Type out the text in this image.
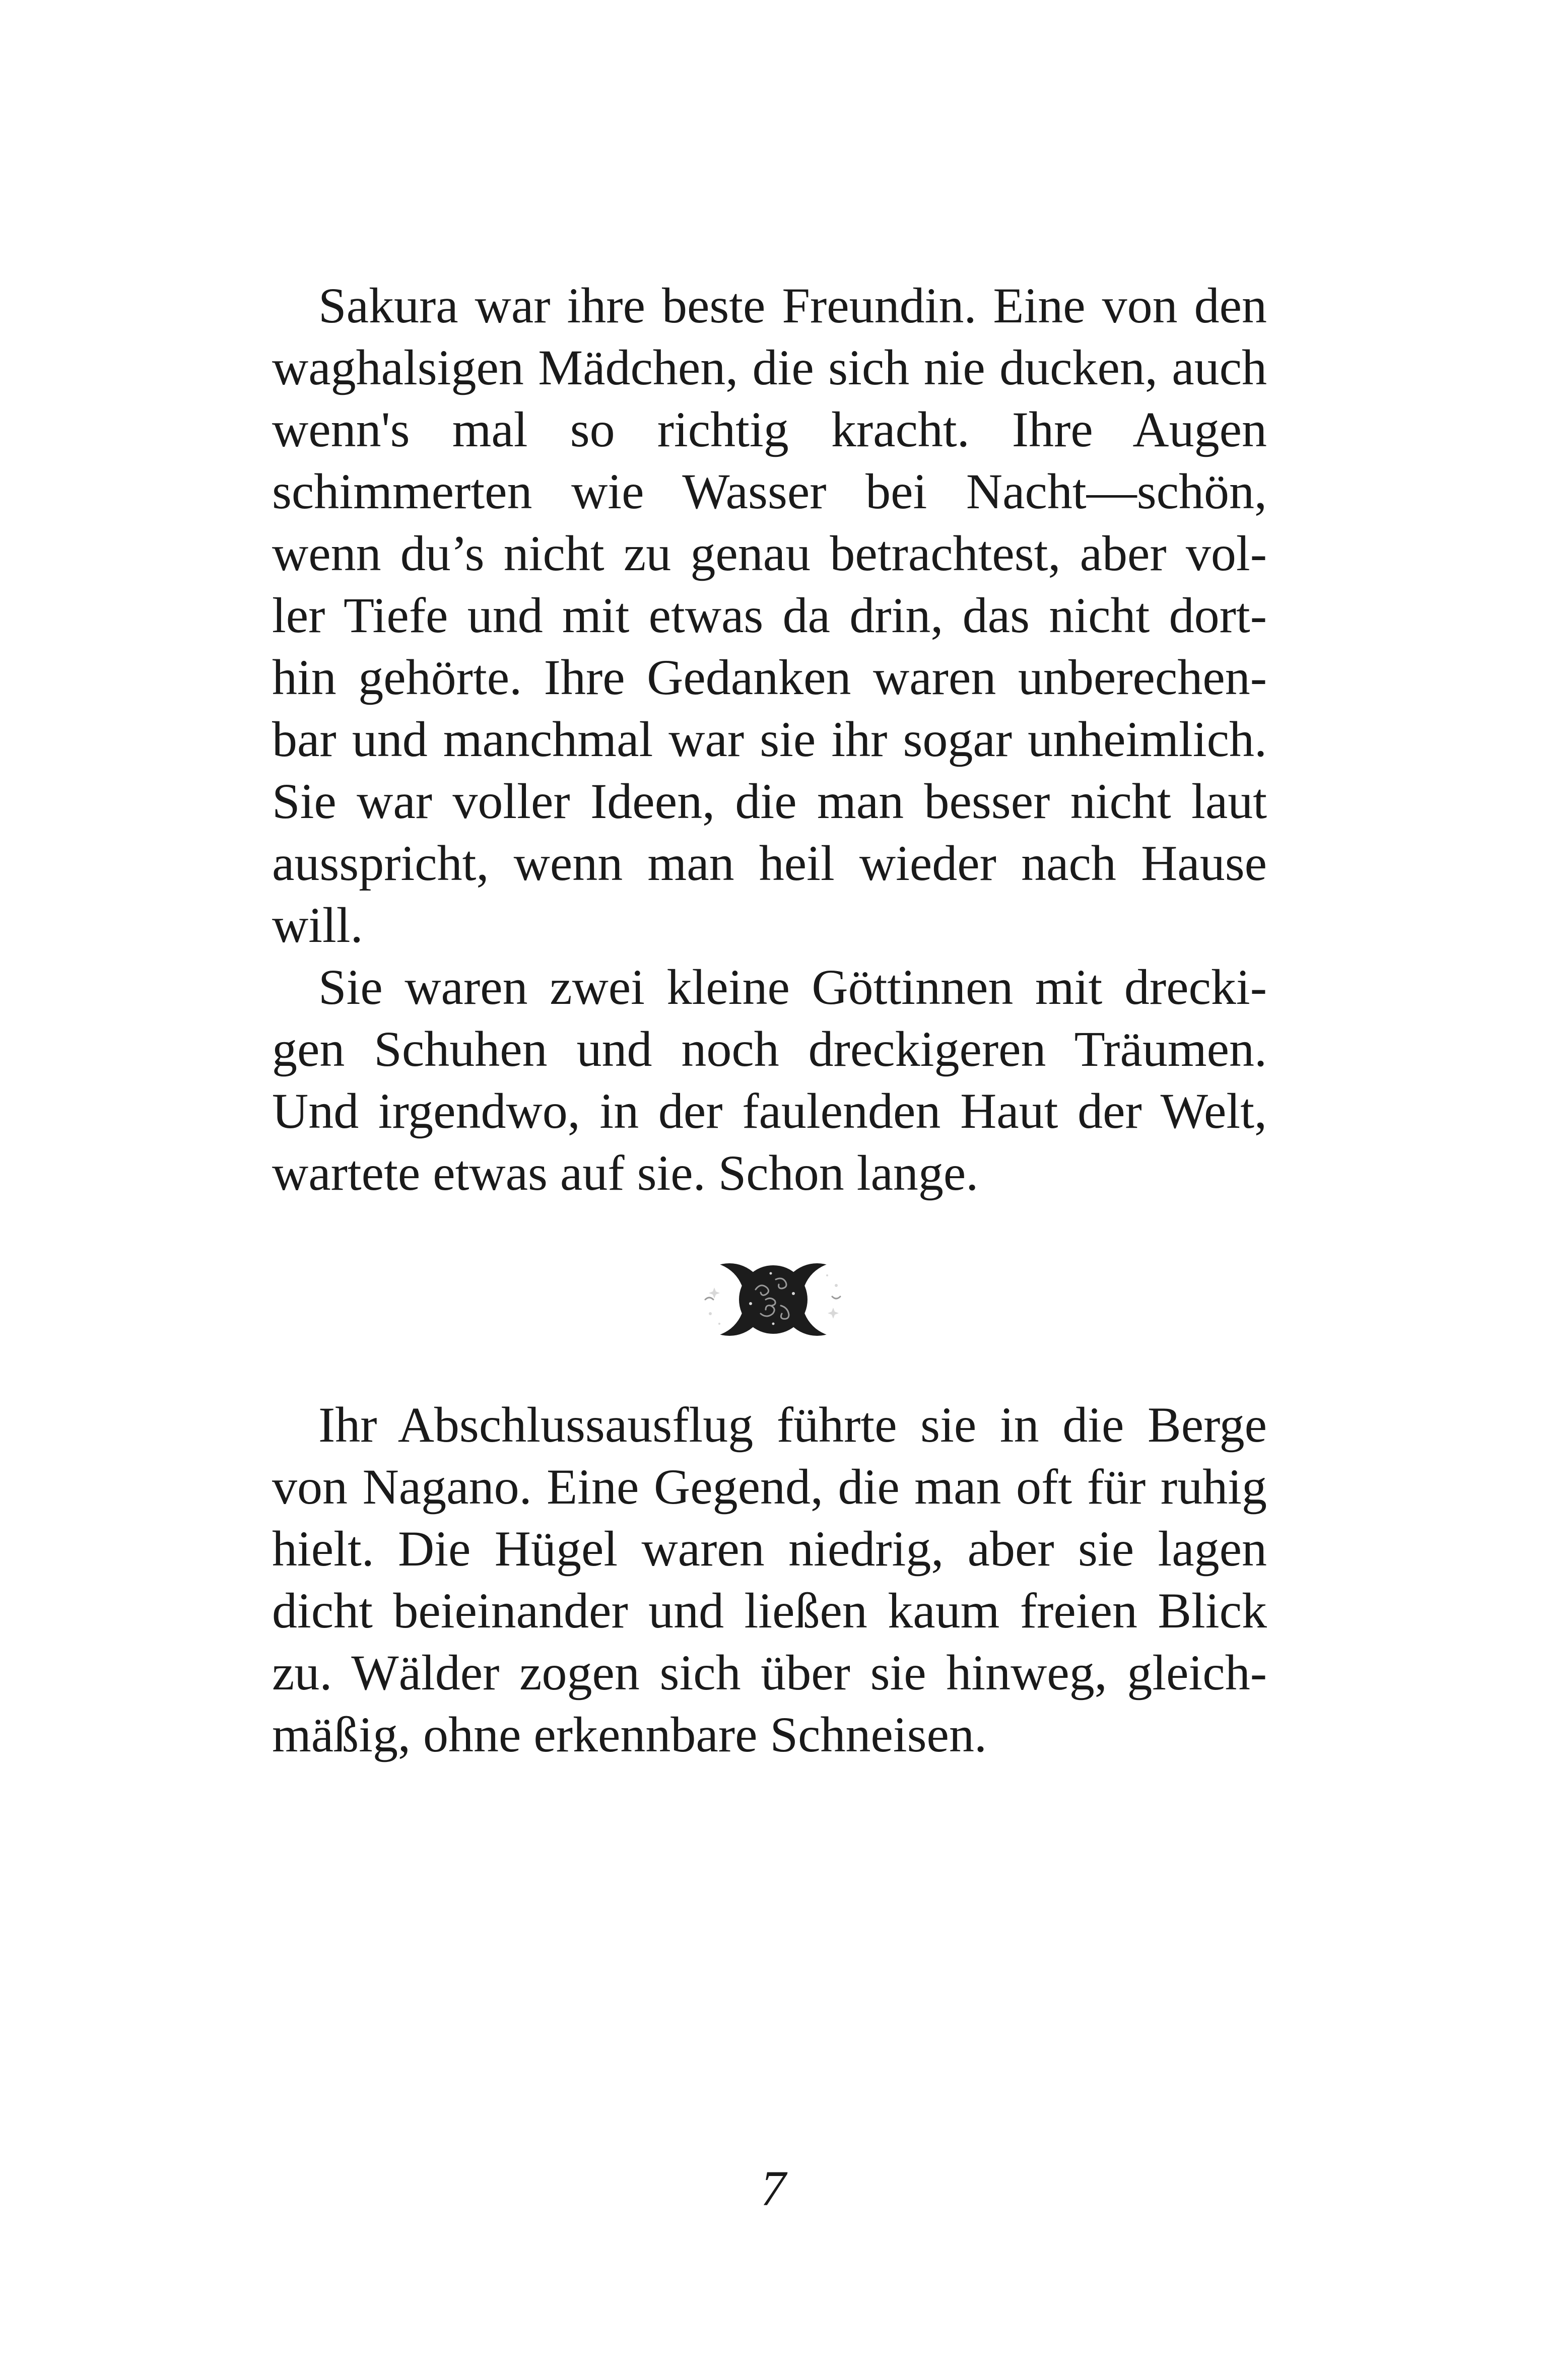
Sakura war ihre beste Freundin. Eine von den
waghalsigen Mädchen, die sich nie ducken, auch
wenn's mal so richtig kracht. Ihre Augen
schimmerten wie Wasser bei Nacht—schön,
wenn du’s nicht zu genau betrachtest, aber vol-
ler Tiefe und mit etwas da drin, das nicht dort-
hin gehörte. Ihre Gedanken waren unberechen-
bar und manchmal war sie ihr sogar unheimlich.
Sie war voller Ideen, die man besser nicht laut
ausspricht, wenn man heil wieder nach Hause
will.
Sie waren zwei kleine Göttinnen mit drecki-
gen Schuhen und noch dreckigeren Träumen.
Und irgendwo, in der faulenden Haut der Welt,
wartete etwas auf sie. Schon lange.
Ihr Abschlussausflug führte sie in die Berge
von Nagano. Eine Gegend, die man oft für ruhig
hielt. Die Hügel waren niedrig, aber sie lagen
dicht beieinander und ließen kaum freien Blick
zu. Wälder zogen sich über sie hinweg, gleich-
mäßig, ohne erkennbare Schneisen.
7
